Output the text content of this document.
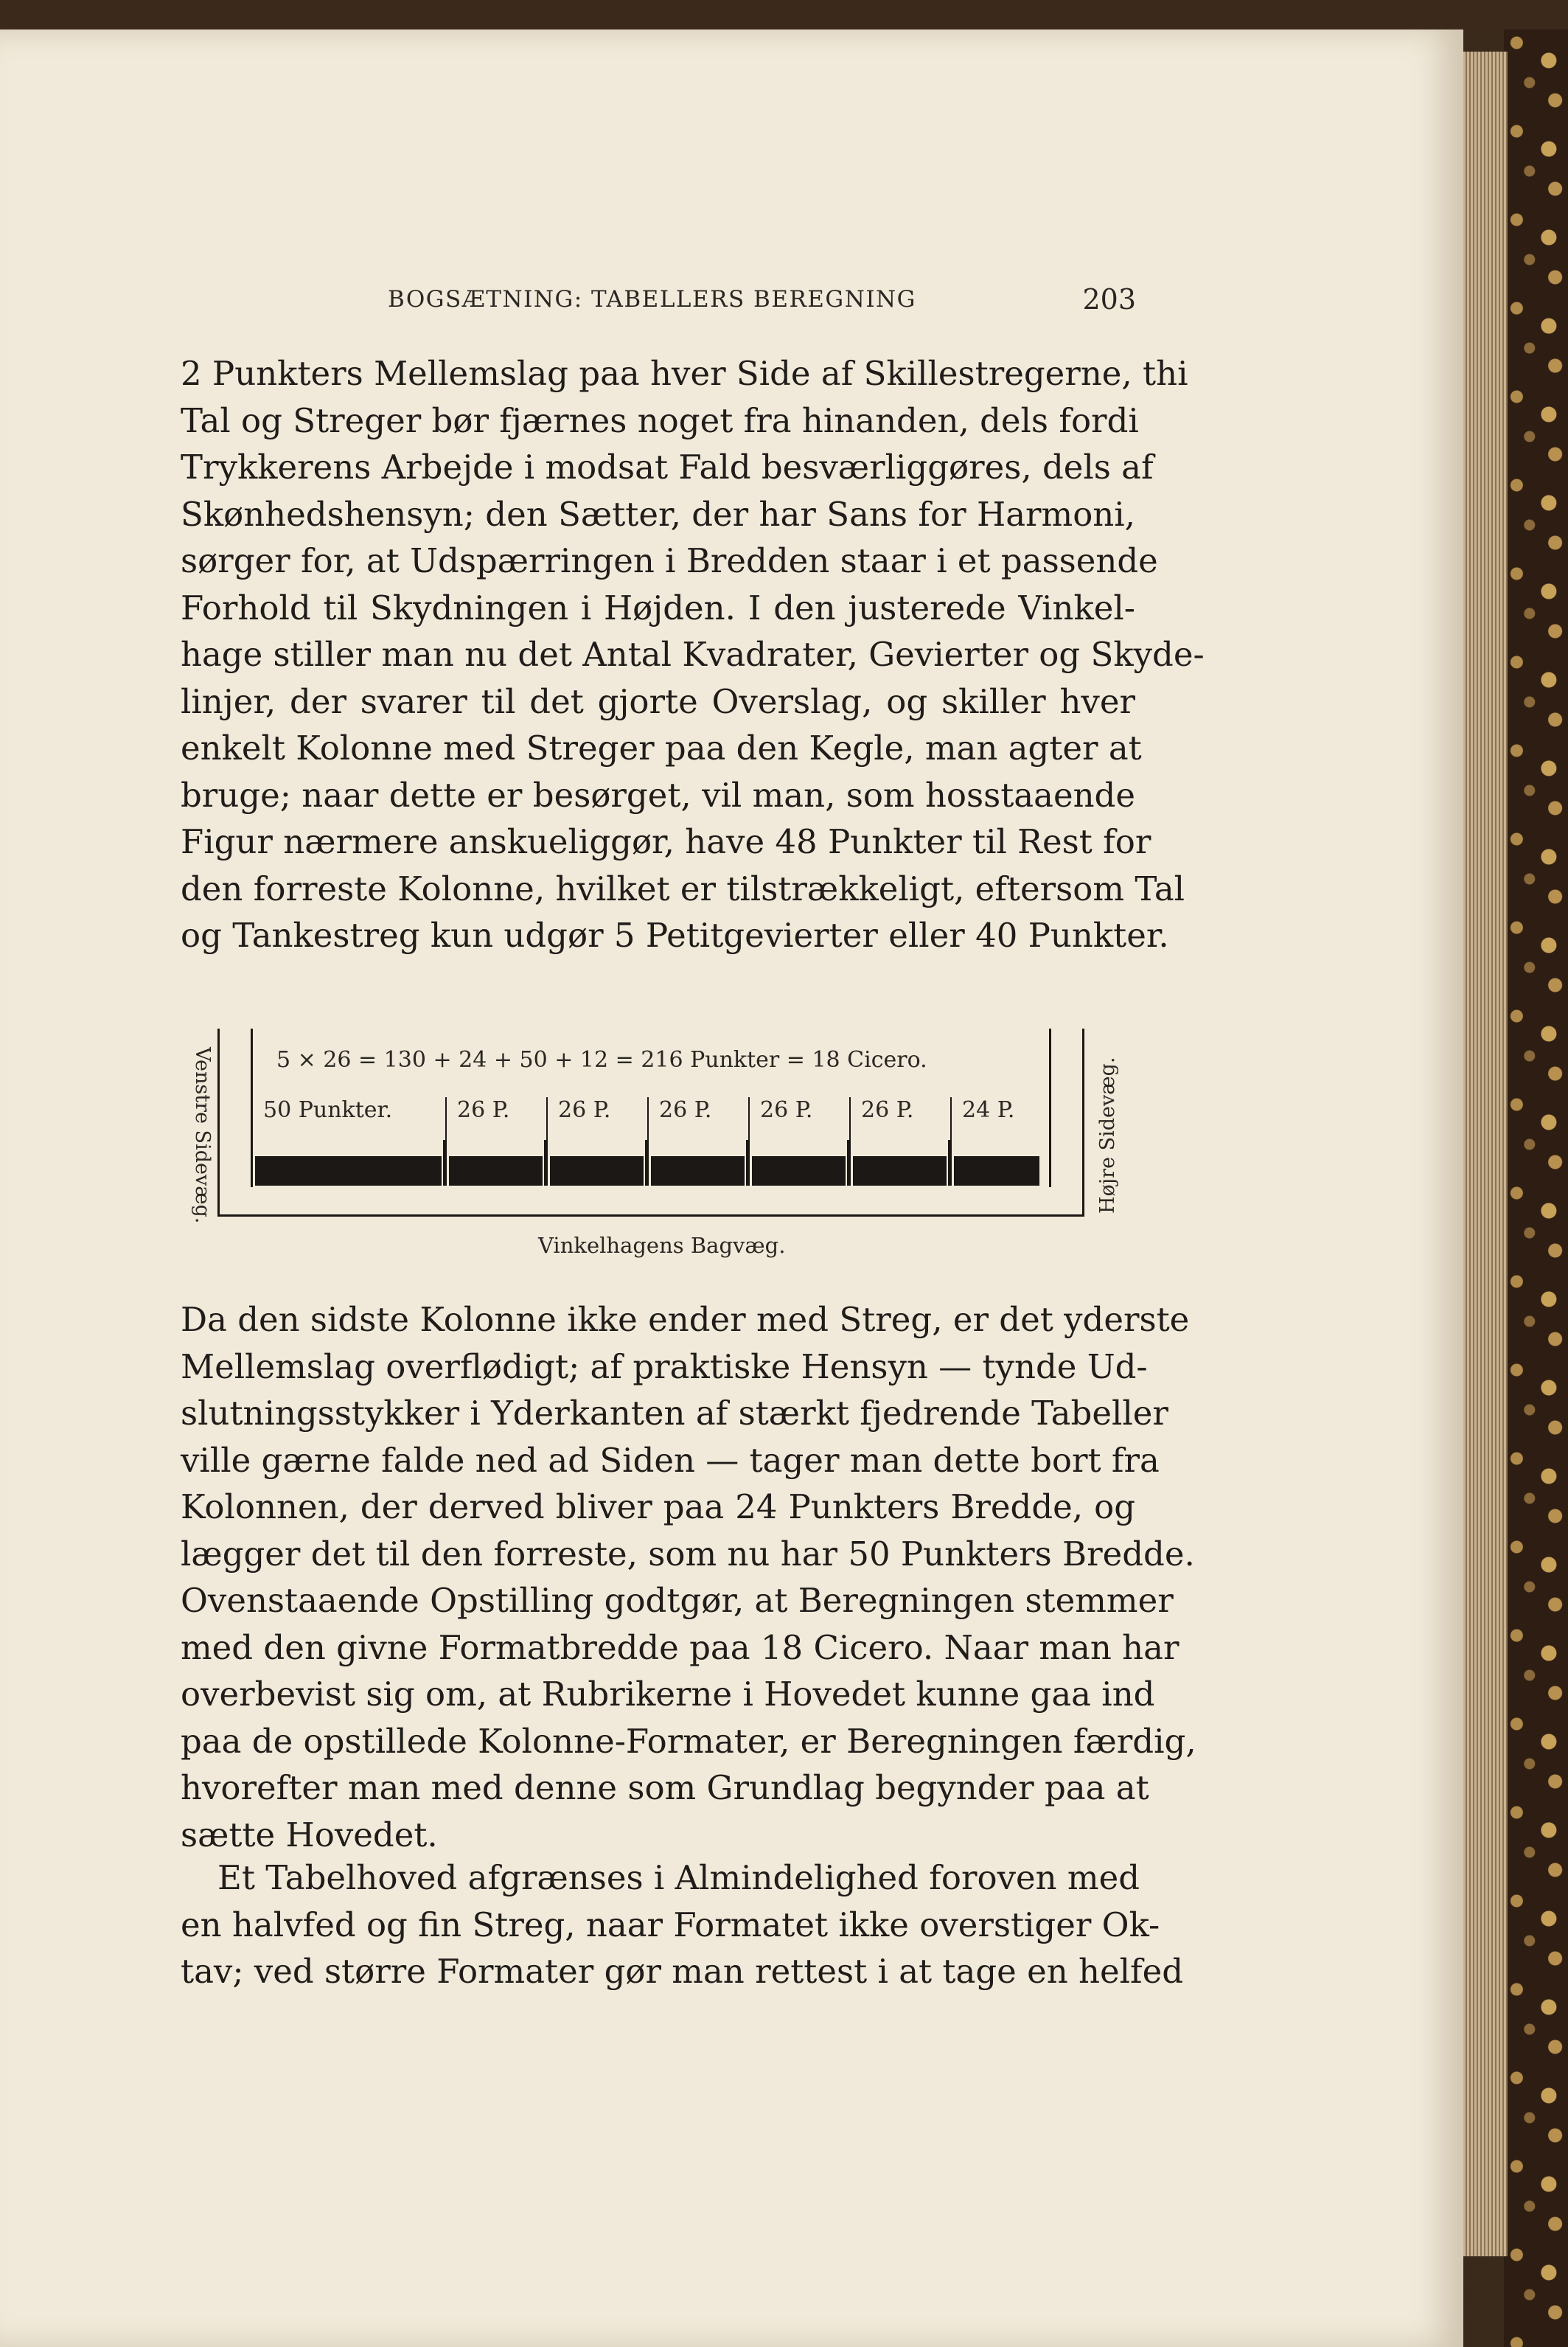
BOGSÆTNING: TABELLERS BEREGNING	203
2 Punkters Mellemslag paa hver Side af Skillestregerne, thi
Tal og Streger bør fjærnes noget fra hinanden, dels fordi
Trykkerens Arbejde i modsat Fald besværliggøres, dels af
Skønhedshensyn; den Sætter, der har Sans for Harmoni,
sørger for, at Udspærringen i Bredden staar i et passende
Forhold til Skydningen i Højden. I den justerede Vinkel-
hage stiller man nu det Antal Kvadrater, Gevierter og Skyde-
linjer, der svarer til det gjorte Overslag, og skiller hver
enkelt Kolonne med Streger paa den Kegle, man agter at
bruge; naar dette er besørget, vil man, som hosstaaende
Figur nærmere anskueliggør, have 48 Punkter til Rest for
den forreste Kolonne, hvilket er tilstrækkeligt, eftersom Tal
og Tankestreg kun udgør 5 Petitgevierter eller 40 Punkter.
Venstre Sidevæg.	5 × 26 = 130 + 24 + 50 + 12 = 216 Punkter = 18 Cicero.
50 Punkter.	26 P. 26 P. 26 P. 26 P. 26 P. 24 P.	Højre Sidevæg.
Vinkelhagens Bagvæg.
Da den sidste Kolonne ikke ender med Streg, er det yderste
Mellemslag overflødigt; af praktiske Hensyn — tynde Ud-
slutningsstykker i Yderkanten af stærkt fjedrende Tabeller
ville gærne falde ned ad Siden — tager man dette bort fra
Kolonnen, der derved bliver paa 24 Punkters Bredde, og
lægger det til den forreste, som nu har 50 Punkters Bredde.
Ovenstaaende Opstilling godtgør, at Beregningen stemmer
med den givne Formatbredde paa 18 Cicero. Naar man har
overbevist sig om, at Rubrikerne i Hovedet kunne gaa ind
paa de opstillede Kolonne-Formater, er Beregningen færdig,
hvorefter man med denne som Grundlag begynder paa at
sætte Hovedet.
Et Tabelhoved afgrænses i Almindelighed foroven med
en halvfed og fin Streg, naar Formatet ikke overstiger Ok-
tav; ved større Formater gør man rettest i at tage en helfed
